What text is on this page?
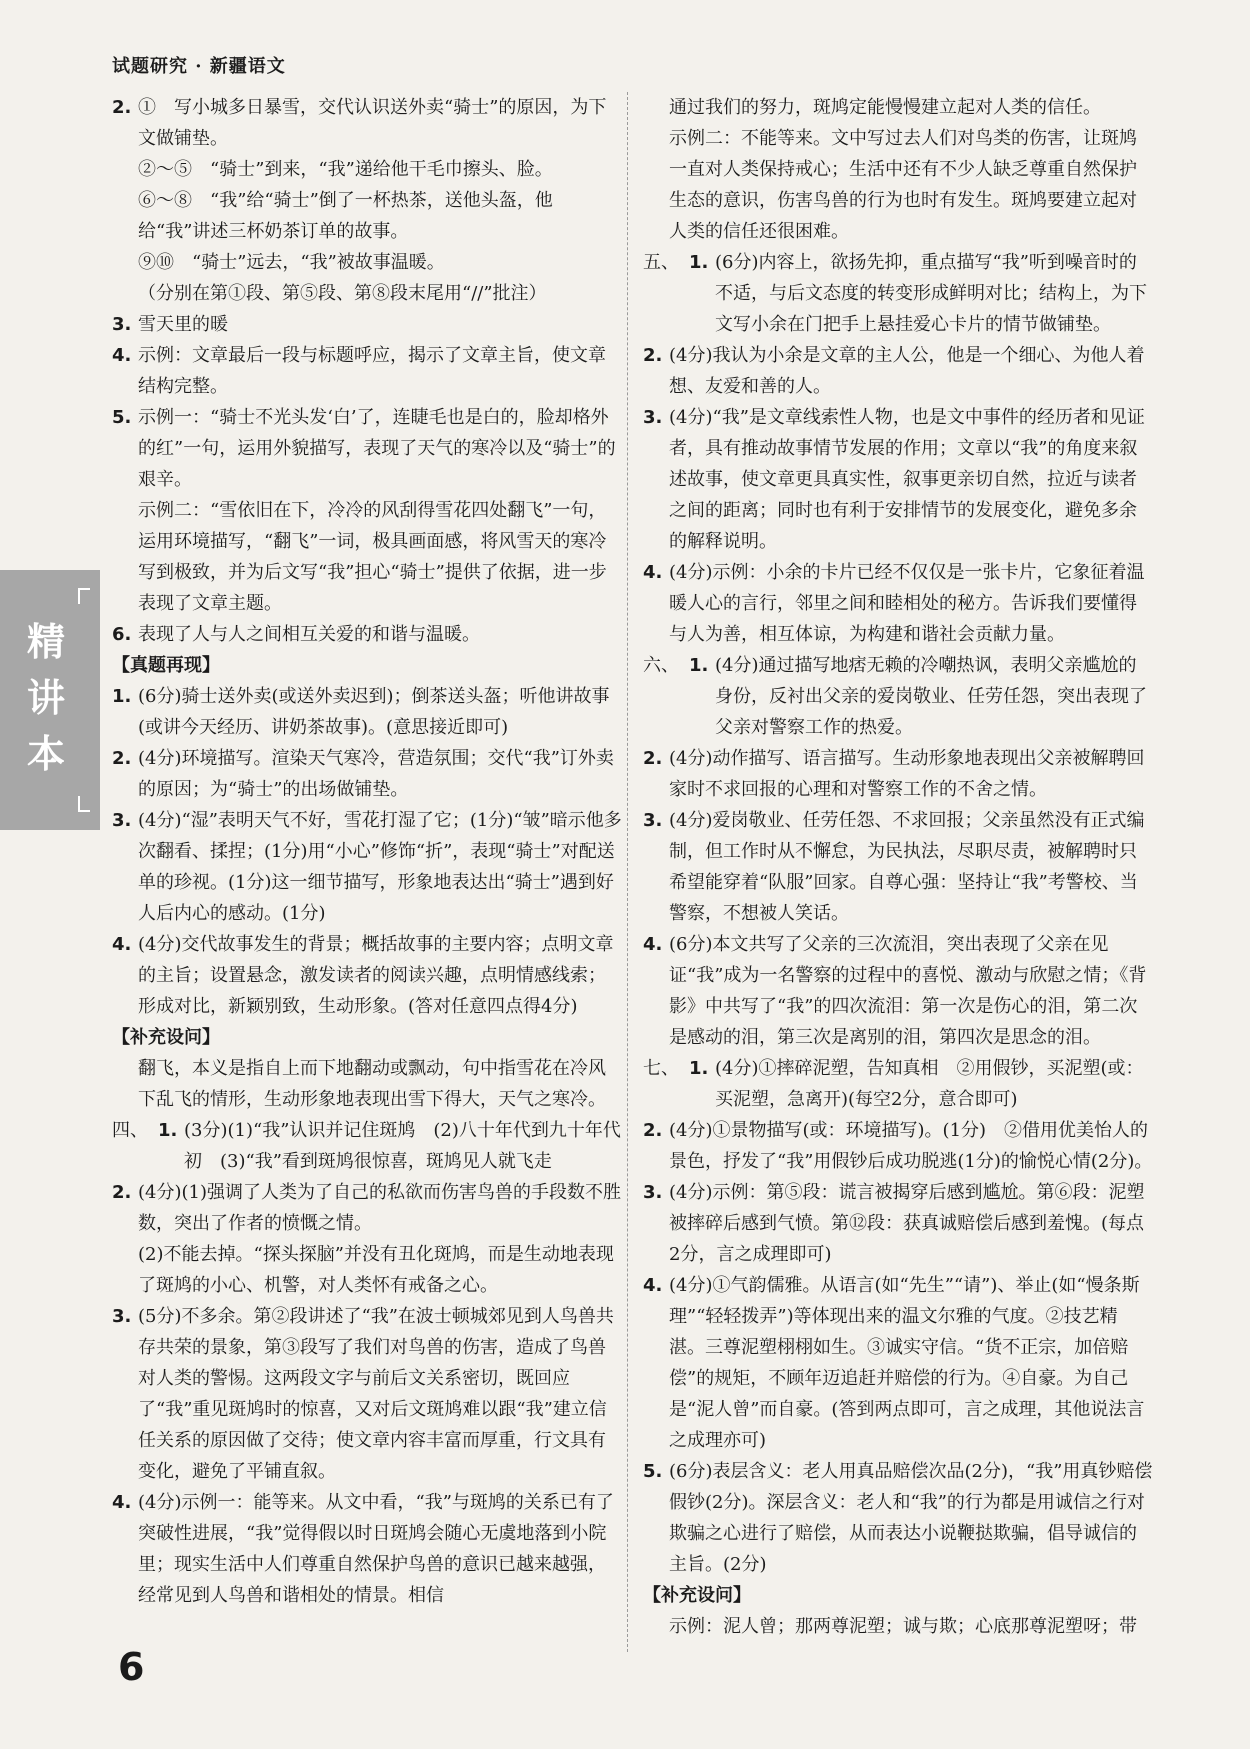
试题研究 · 新疆语文
精讲本
2. ①　写小城多日暴雪，交代认识送外卖“骑士”的原因，为下文做铺垫。

②～⑤　“骑士”到来，“我”递给他干毛巾擦头、脸。

⑥～⑧　“我”给“骑士”倒了一杯热茶，送他头盔，他给“我”讲述三杯奶茶订单的故事。

⑨⑩　“骑士”远去，“我”被故事温暖。

（分别在第①段、第⑤段、第⑧段末尾用“//”批注）

3. 雪天里的暖
4. 示例：文章最后一段与标题呼应，揭示了文章主旨，使文章结构完整。
5. 示例一：“骑士不光头发‘白’了，连睫毛也是白的，脸却格外的红”一句，运用外貌描写，表现了天气的寒冷以及“骑士”的艰辛。

示例二：“雪依旧在下，冷冷的风刮得雪花四处翻飞”一句，运用环境描写，“翻飞”一词，极具画面感，将风雪天的寒冷写到极致，并为后文写“我”担心“骑士”提供了依据，进一步表现了文章主题。

6. 表现了人与人之间相互关爱的和谐与温暖。

【真题再现】

1. (6分)骑士送外卖(或送外卖迟到)；倒茶送头盔；听他讲故事(或讲今天经历、讲奶茶故事)。(意思接近即可)
2. (4分)环境描写。渲染天气寒冷，营造氛围；交代“我”订外卖的原因；为“骑士”的出场做铺垫。
3. (4分)“湿”表明天气不好，雪花打湿了它；(1分)“皱”暗示他多次翻看、揉捏；(1分)用“小心”修饰“折”，表现“骑士”对配送单的珍视。(1分)这一细节描写，形象地表达出“骑士”遇到好人后内心的感动。(1分)
4. (4分)交代故事发生的背景；概括故事的主要内容；点明文章的主旨；设置悬念，激发读者的阅读兴趣，点明情感线索；形成对比，新颖别致，生动形象。(答对任意四点得4分)

【补充设问】

翻飞，本义是指自上而下地翻动或飘动，句中指雪花在冷风下乱飞的情形，生动形象地表现出雪下得大，天气之寒冷。

四、 1. (3分)(1)“我”认识并记住斑鸠　(2)八十年代到九十年代初　(3)“我”看到斑鸠很惊喜，斑鸠见人就飞走
2. (4分)(1)强调了人类为了自己的私欲而伤害鸟兽的手段数不胜数，突出了作者的愤慨之情。

(2)不能去掉。“探头探脑”并没有丑化斑鸠，而是生动地表现了斑鸠的小心、机警，对人类怀有戒备之心。

3. (5分)不多余。第②段讲述了“我”在波士顿城郊见到人鸟兽共存共荣的景象，第③段写了我们对鸟兽的伤害，造成了鸟兽对人类的警惕。这两段文字与前后文关系密切，既回应了“我”重见斑鸠时的惊喜，又对后文斑鸠难以跟“我”建立信任关系的原因做了交待；使文章内容丰富而厚重，行文具有变化，避免了平铺直叙。
4. (4分)示例一：能等来。从文中看，“我”与斑鸠的关系已有了突破性进展，“我”觉得假以时日斑鸠会随心无虞地落到小院里；现实生活中人们尊重自然保护鸟兽的意识已越来越强，经常见到人鸟兽和谐相处的情景。相信

通过我们的努力，斑鸠定能慢慢建立起对人类的信任。

示例二：不能等来。文中写过去人们对鸟类的伤害，让斑鸠一直对人类保持戒心；生活中还有不少人缺乏尊重自然保护生态的意识，伤害鸟兽的行为也时有发生。斑鸠要建立起对人类的信任还很困难。

五、 1. (6分)内容上，欲扬先抑，重点描写“我”听到噪音时的不适，与后文态度的转变形成鲜明对比；结构上，为下文写小余在门把手上悬挂爱心卡片的情节做铺垫。
2. (4分)我认为小余是文章的主人公，他是一个细心、为他人着想、友爱和善的人。
3. (4分)“我”是文章线索性人物，也是文中事件的经历者和见证者，具有推动故事情节发展的作用；文章以“我”的角度来叙述故事，使文章更具真实性，叙事更亲切自然，拉近与读者之间的距离；同时也有利于安排情节的发展变化，避免多余的解释说明。
4. (4分)示例：小余的卡片已经不仅仅是一张卡片，它象征着温暖人心的言行，邻里之间和睦相处的秘方。告诉我们要懂得与人为善，相互体谅，为构建和谐社会贡献力量。
六、 1. (4分)通过描写地痞无赖的冷嘲热讽，表明父亲尴尬的身份，反衬出父亲的爱岗敬业、任劳任怨，突出表现了父亲对警察工作的热爱。
2. (4分)动作描写、语言描写。生动形象地表现出父亲被解聘回家时不求回报的心理和对警察工作的不舍之情。
3. (4分)爱岗敬业、任劳任怨、不求回报；父亲虽然没有正式编制，但工作时从不懈怠，为民执法，尽职尽责，被解聘时只希望能穿着“队服”回家。自尊心强：坚持让“我”考警校、当警察，不想被人笑话。
4. (6分)本文共写了父亲的三次流泪，突出表现了父亲在见证“我”成为一名警察的过程中的喜悦、激动与欣慰之情；《背影》中共写了“我”的四次流泪：第一次是伤心的泪，第二次是感动的泪，第三次是离别的泪，第四次是思念的泪。
七、 1. (4分)①摔碎泥塑，告知真相　②用假钞，买泥塑(或：买泥塑，急离开)(每空2分，意合即可)
2. (4分)①景物描写(或：环境描写)。(1分)　②借用优美怡人的景色，抒发了“我”用假钞后成功脱逃(1分)的愉悦心情(2分)。
3. (4分)示例：第⑤段：谎言被揭穿后感到尴尬。第⑥段：泥塑被摔碎后感到气愤。第⑫段：获真诚赔偿后感到羞愧。(每点2分，言之成理即可)
4. (4分)①气韵儒雅。从语言(如“先生”“请”)、举止(如“慢条斯理”“轻轻拨弄”)等体现出来的温文尔雅的气度。②技艺精湛。三尊泥塑栩栩如生。③诚实守信。“货不正宗，加倍赔偿”的规矩，不顾年迈追赶并赔偿的行为。④自豪。为自己是“泥人曾”而自豪。(答到两点即可，言之成理，其他说法言之成理亦可)
5. (6分)表层含义：老人用真品赔偿次品(2分)，“我”用真钞赔偿假钞(2分)。深层含义：老人和“我”的行为都是用诚信之行对欺骗之心进行了赔偿，从而表达小说鞭挞欺骗，倡导诚信的主旨。(2分)

【补充设问】

示例：泥人曾；那两尊泥塑；诚与欺；心底那尊泥塑呀；带

6
